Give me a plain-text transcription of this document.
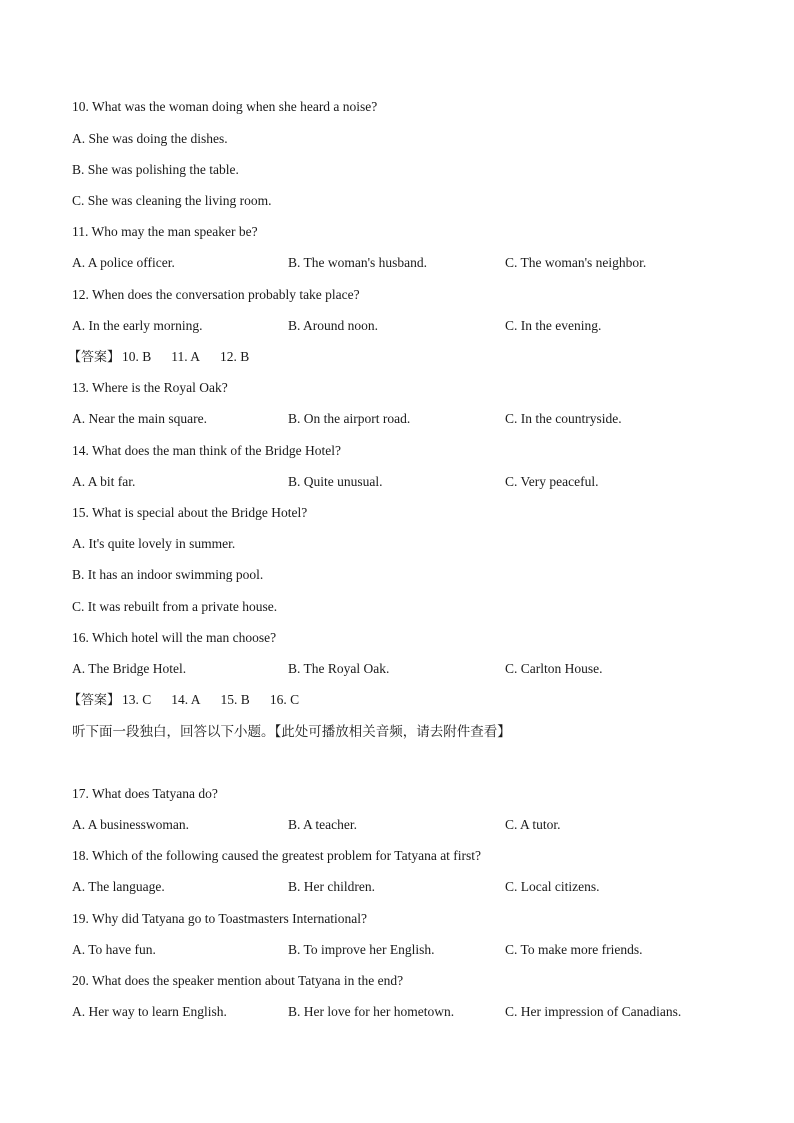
10. What was the woman doing when she heard a noise?
A. She was doing the dishes.
B. She was polishing the table.
C. She was cleaning the living room.
11. Who may the man speaker be?
A. A police officer.	B. The woman's husband.	C. The woman's neighbor.
12. When does the conversation probably take place?
A. In the early morning.	B. Around noon.	C. In the evening.
【答案】 10. B 11. A 12. B
13. Where is the Royal Oak?
A. Near the main square.	B. On the airport road.	C. In the countryside.
14. What does the man think of the Bridge Hotel?
A. A bit far.	B. Quite unusual.	C. Very peaceful.
15. What is special about the Bridge Hotel?
A. It's quite lovely in summer.
B. It has an indoor swimming pool.
C. It was rebuilt from a private house.
16. Which hotel will the man choose?
A. The Bridge Hotel.	B. The Royal Oak.	C. Carlton House.
【答案】 13. C 14. A 15. B 16. C
听下面一段独白，回答以下小题。【此处可播放相关音频，请去附件查看】
17. What does Tatyana do?
A. A businesswoman.	B. A teacher.	C. A tutor.
18. Which of the following caused the greatest problem for Tatyana at first?
A. The language.	B. Her children.	C. Local citizens.
19. Why did Tatyana go to Toastmasters International?
A. To have fun.	B. To improve her English.	C. To make more friends.
20. What does the speaker mention about Tatyana in the end?
A. Her way to learn English.	B. Her love for her hometown.	C. Her impression of Canadians.
